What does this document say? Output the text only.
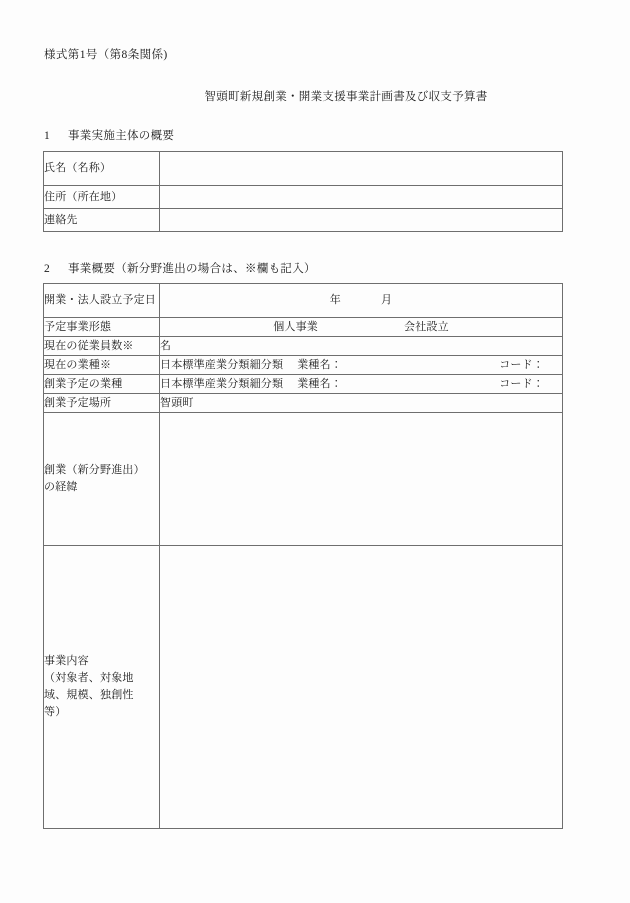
様式第1号（第8条関係)
智頭町新規創業・開業支援事業計画書及び収支予算書
1 事業実施主体の概要
氏名（名称）	
住所（所在地）	
連絡先	
2 事業概要（新分野進出の場合は、※欄も記入）
開業・法人設立予定日	年 月
予定事業形態	個人事業 会社設立
現在の従業員数※	名
現在の業種※	日本標準産業分類細分類 業種名： コード：

創業予定の業種	日本標準産業分類細分類 業種名： コード：

創業予定場所	智頭町

創業（新分野進出）
の経緯	

事業内容
（対象者、対象地
域、規模、独創性
等）	
